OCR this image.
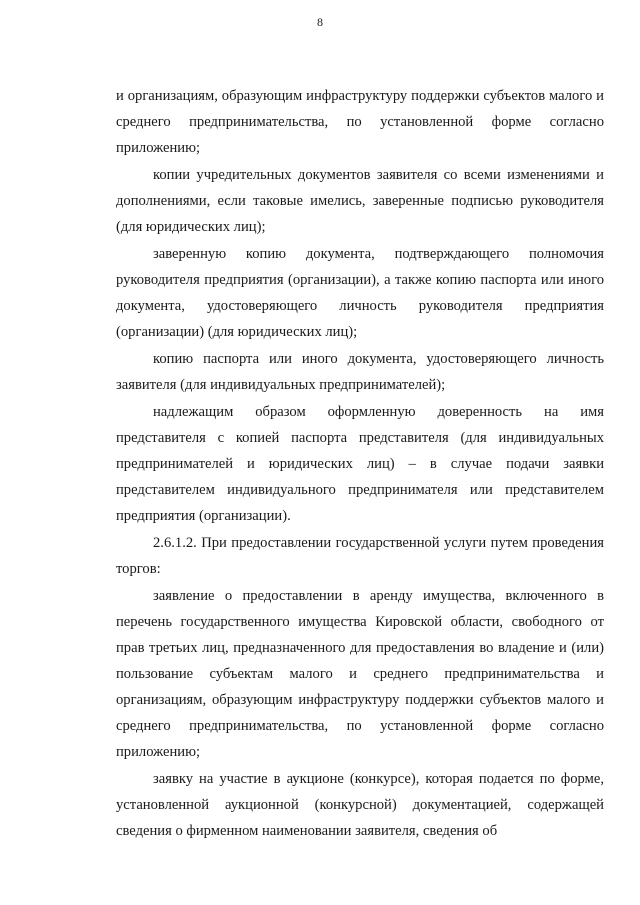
8

и организациям, образующим инфраструктуру поддержки субъектов малого и среднего предпринимательства, по установленной форме согласно приложению;

копии учредительных документов заявителя со всеми изменениями и дополнениями, если таковые имелись, заверенные подписью руководителя (для юридических лиц);

заверенную копию документа, подтверждающего полномочия руководителя предприятия (организации), а также копию паспорта или иного документа, удостоверяющего личность руководителя предприятия (организации) (для юридических лиц);

копию паспорта или иного документа, удостоверяющего личность заявителя (для индивидуальных предпринимателей);

надлежащим образом оформленную доверенность на имя представителя с копией паспорта представителя (для индивидуальных предпринимателей и юридических лиц) – в случае подачи заявки представителем индивидуального предпринимателя или представителем предприятия (организации).

2.6.1.2. При предоставлении государственной услуги путем проведения торгов:

заявление о предоставлении в аренду имущества, включенного в перечень государственного имущества Кировской области, свободного от прав третьих лиц, предназначенного для предоставления во владение и (или) пользование субъектам малого и среднего предпринимательства и организациям, образующим инфраструктуру поддержки субъектов малого и среднего предпринимательства, по установленной форме согласно приложению;

заявку на участие в аукционе (конкурсе), которая подается по форме, установленной аукционной (конкурсной) документацией, содержащей сведения о фирменном наименовании заявителя, сведения об
